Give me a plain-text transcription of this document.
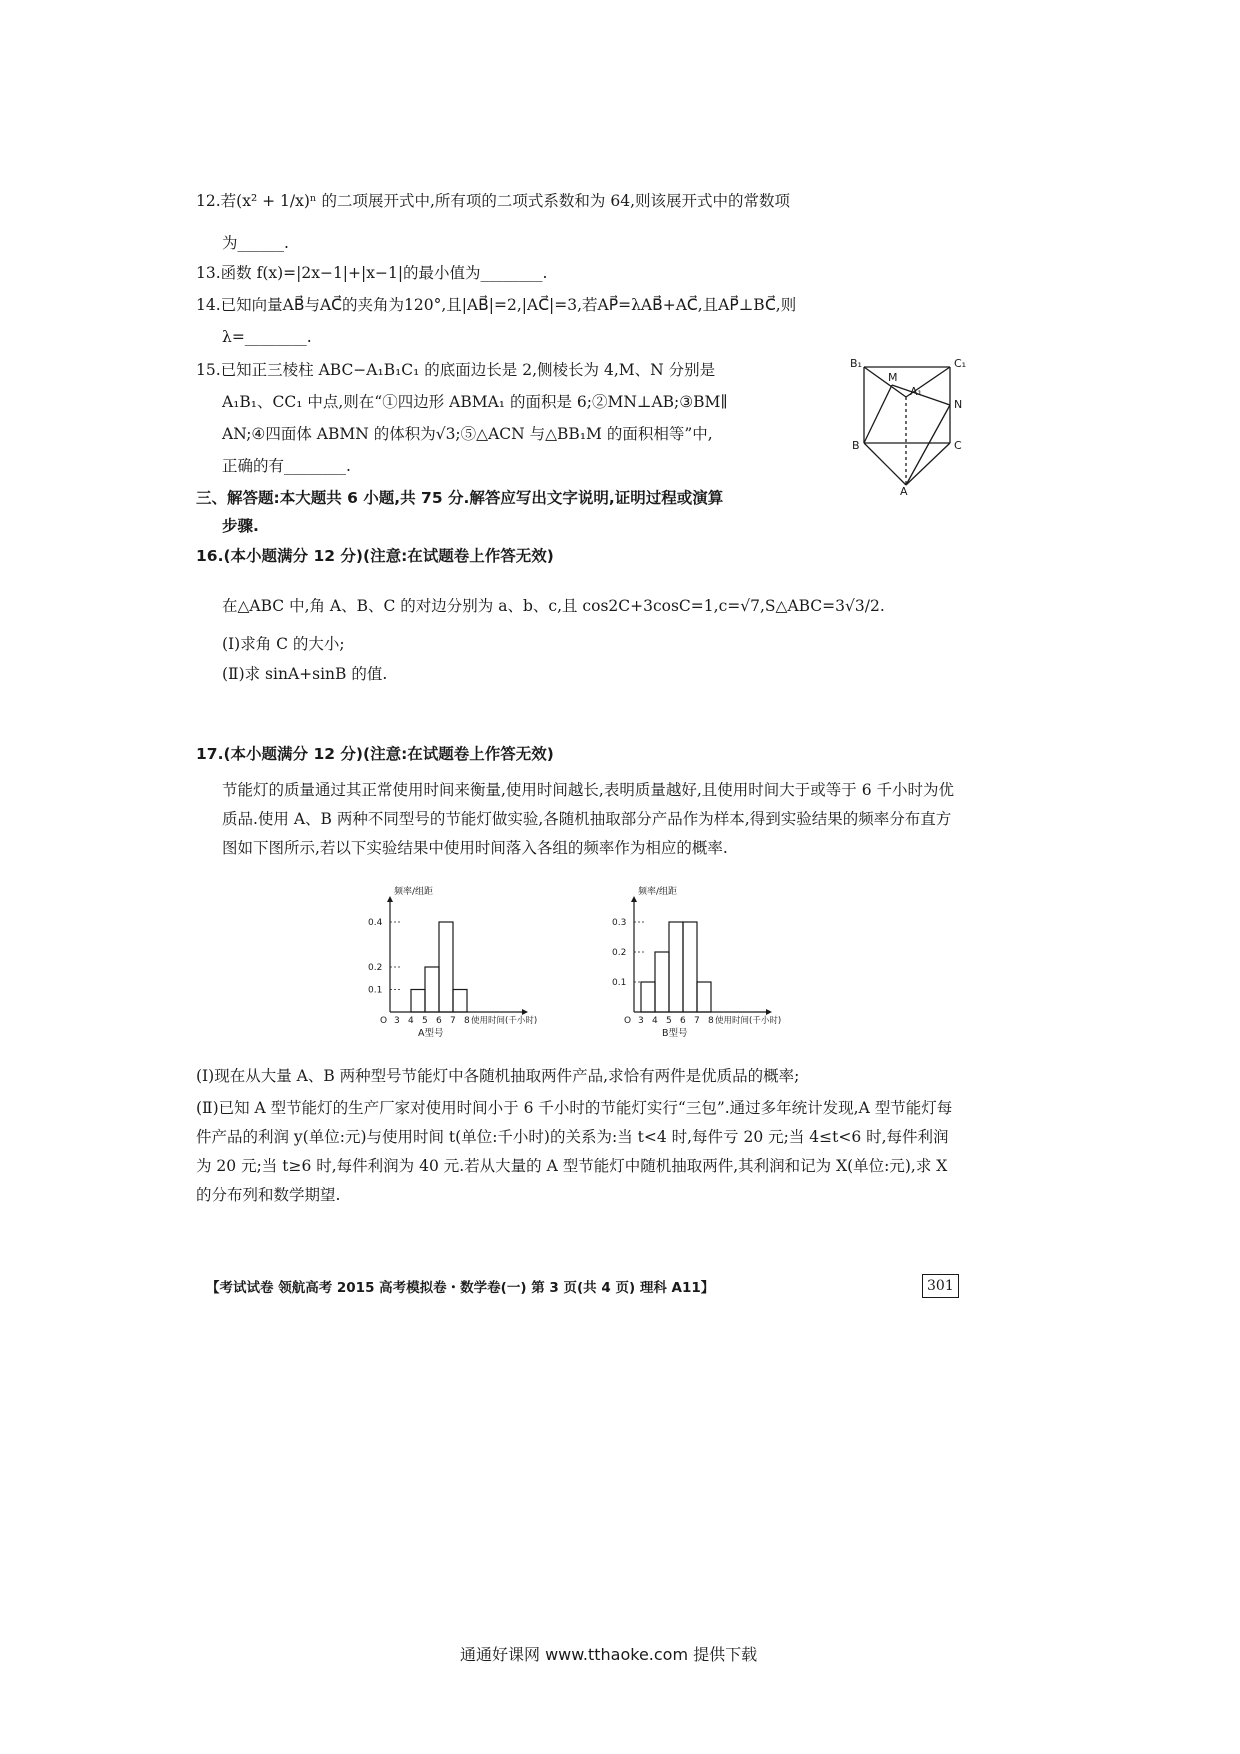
12.若(x² + 1/x)ⁿ 的二项展开式中,所有项的二项式系数和为 64,则该展开式中的常数项
为______.
13.函数 f(x)=|2x−1|+|x−1|的最小值为________.
14.已知向量AB⃗与AC⃗的夹角为120°,且|AB⃗|=2,|AC⃗|=3,若AP⃗=λAB⃗+AC⃗,且AP⃗⊥BC⃗,则
λ=________.
15.已知正三棱柱 ABC−A₁B₁C₁ 的底面边长是 2,侧棱长为 4,M、N 分别是
A₁B₁、CC₁ 中点,则在“①四边形 ABMA₁ 的面积是 6;②MN⊥AB;③BM∥
AN;④四面体 ABMN 的体积为√3;⑤△ACN 与△BB₁M 的面积相等”中,
正确的有________.
B₁	C₁
M
A₁
N
B	C
A
三、解答题:本大题共 6 小题,共 75 分.解答应写出文字说明,证明过程或演算
步骤.
16.(本小题满分 12 分)(注意:在试题卷上作答无效)
在△ABC 中,角 A、B、C 的对边分别为 a、b、c,且 cos2C+3cosC=1,c=√7,S△ABC=3√3/2.
(Ⅰ)求角 C 的大小;
(Ⅱ)求 sinA+sinB 的值.
17.(本小题满分 12 分)(注意:在试题卷上作答无效)
节能灯的质量通过其正常使用时间来衡量,使用时间越长,表明质量越好,且使用时间大于或等于 6 千小时为优质品.使用 A、B 两种不同型号的节能灯做实验,各随机抽取部分产品作为样本,得到实验结果的频率分布直方图如下图所示,若以下实验结果中使用时间落入各组的频率作为相应的概率.
频率/组距
O
0.1
0.2
0.4
3 4 5 6 7 8 使用时间(千小时)
A型号
频率/组距
O
0.1
0.2
0.3
3 4 5 6 7 8 使用时间(千小时)
B型号
(Ⅰ)现在从大量 A、B 两种型号节能灯中各随机抽取两件产品,求恰有两件是优质品的概率;
(Ⅱ)已知 A 型节能灯的生产厂家对使用时间小于 6 千小时的节能灯实行“三包”.通过多年统计发现,A 型节能灯每件产品的利润 y(单位:元)与使用时间 t(单位:千小时)的关系为:当 t<4 时,每件亏 20 元;当 4≤t<6 时,每件利润为 20 元;当 t≥6 时,每件利润为 40 元.若从大量的 A 型节能灯中随机抽取两件,其利润和记为 X(单位:元),求 X 的分布列和数学期望.
【考试试卷 领航高考 2015 高考模拟卷・数学卷(一) 第 3 页(共 4 页) 理科 A11】	301
通通好课网 www.tthaoke.com 提供下载
